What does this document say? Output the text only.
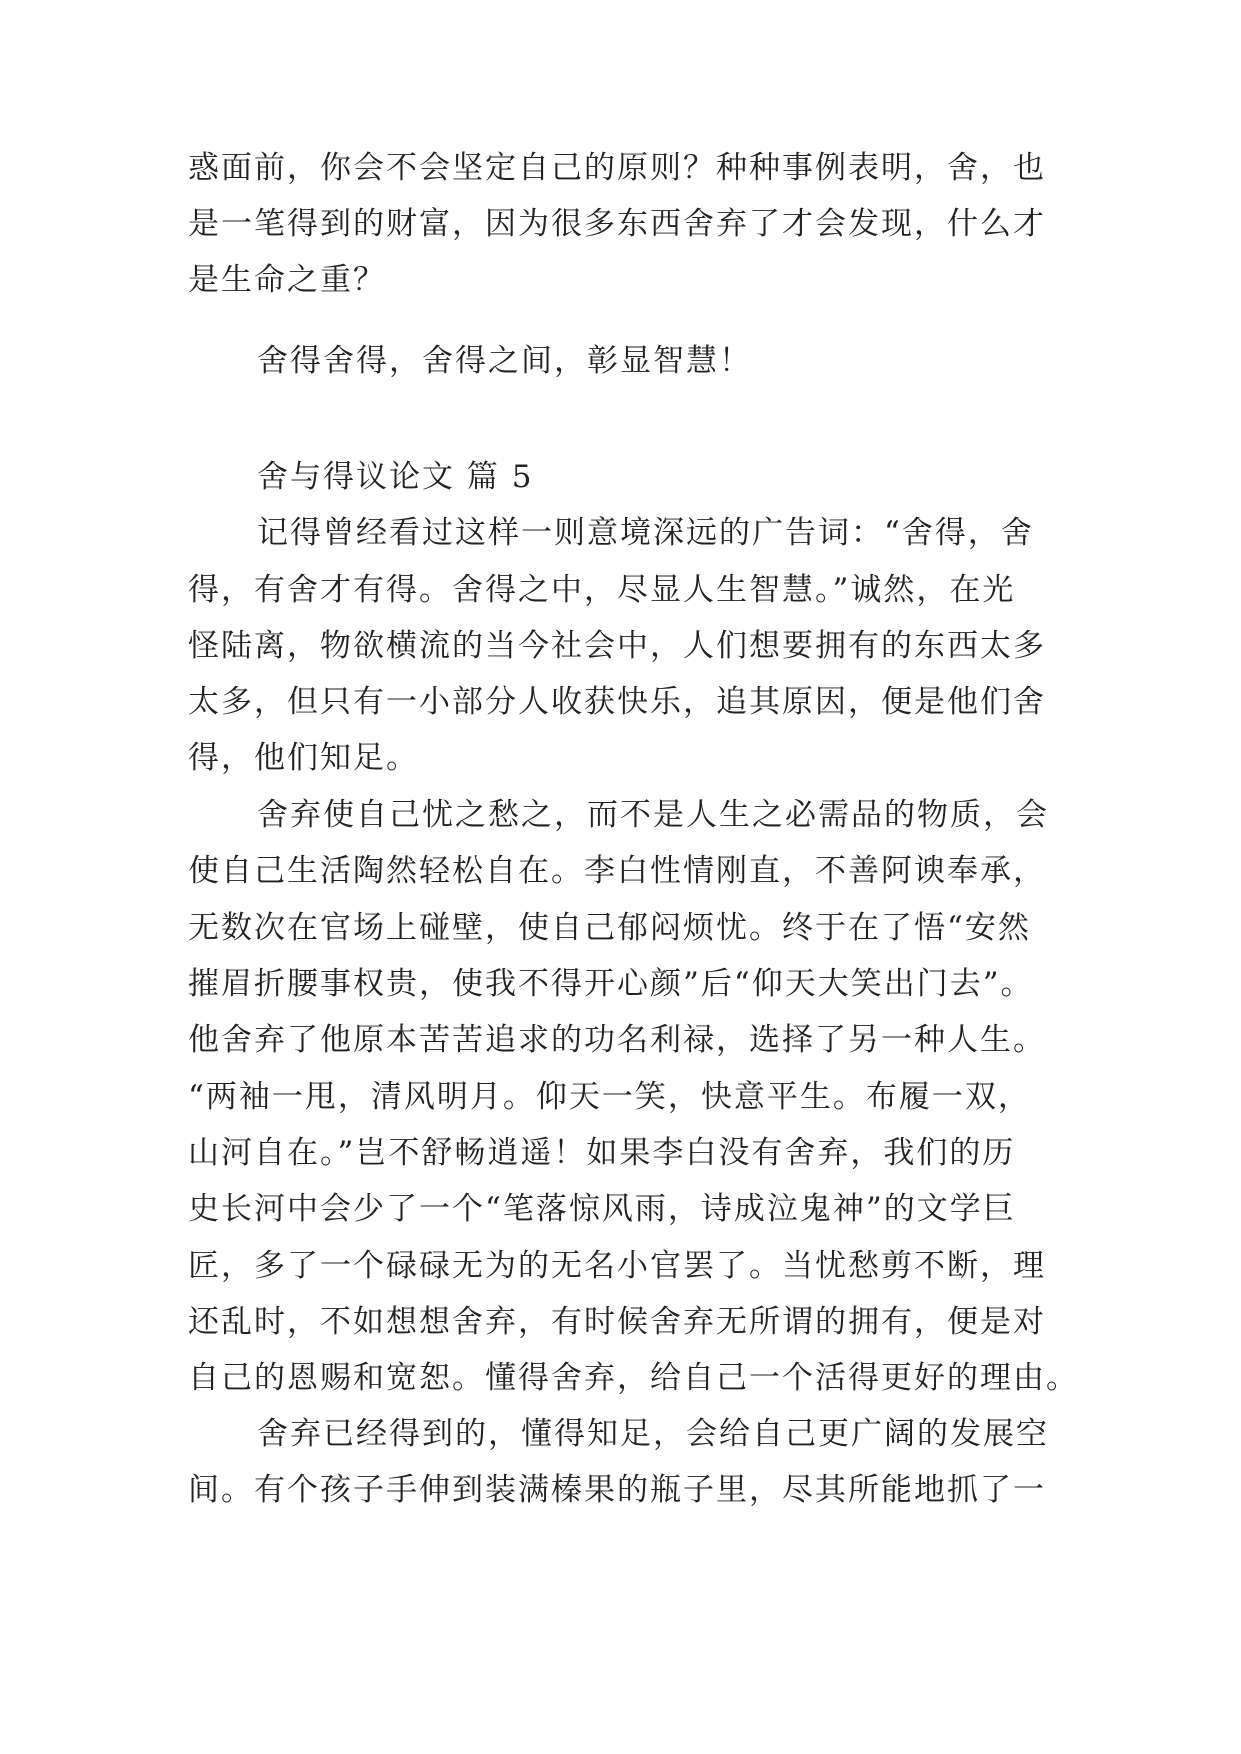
惑面前，你会不会坚定自己的原则？种种事例表明，舍，也
是一笔得到的财富，因为很多东西舍弃了才会发现，什么才
是生命之重？
舍得舍得，舍得之间，彰显智慧！
舍与得议论文 篇 5
记得曾经看过这样一则意境深远的广告词：“舍得，舍
得，有舍才有得。舍得之中，尽显人生智慧。”诚然，在光
怪陆离，物欲横流的当今社会中，人们想要拥有的东西太多
太多，但只有一小部分人收获快乐，追其原因，便是他们舍
得，他们知足。
舍弃使自己忧之愁之，而不是人生之必需品的物质，会
使自己生活陶然轻松自在。李白性情刚直，不善阿谀奉承，
无数次在官场上碰壁，使自己郁闷烦忧。终于在了悟“安然
摧眉折腰事权贵，使我不得开心颜”后“仰天大笑出门去”。
他舍弃了他原本苦苦追求的功名利禄，选择了另一种人生。
“两袖一甩，清风明月。仰天一笑，快意平生。布履一双，
山河自在。”岂不舒畅逍遥！如果李白没有舍弃，我们的历
史长河中会少了一个“笔落惊风雨，诗成泣鬼神”的文学巨
匠，多了一个碌碌无为的无名小官罢了。当忧愁剪不断，理
还乱时，不如想想舍弃，有时候舍弃无所谓的拥有，便是对
自己的恩赐和宽恕。懂得舍弃，给自己一个活得更好的理由。
舍弃已经得到的，懂得知足，会给自己更广阔的发展空
间。有个孩子手伸到装满榛果的瓶子里，尽其所能地抓了一
